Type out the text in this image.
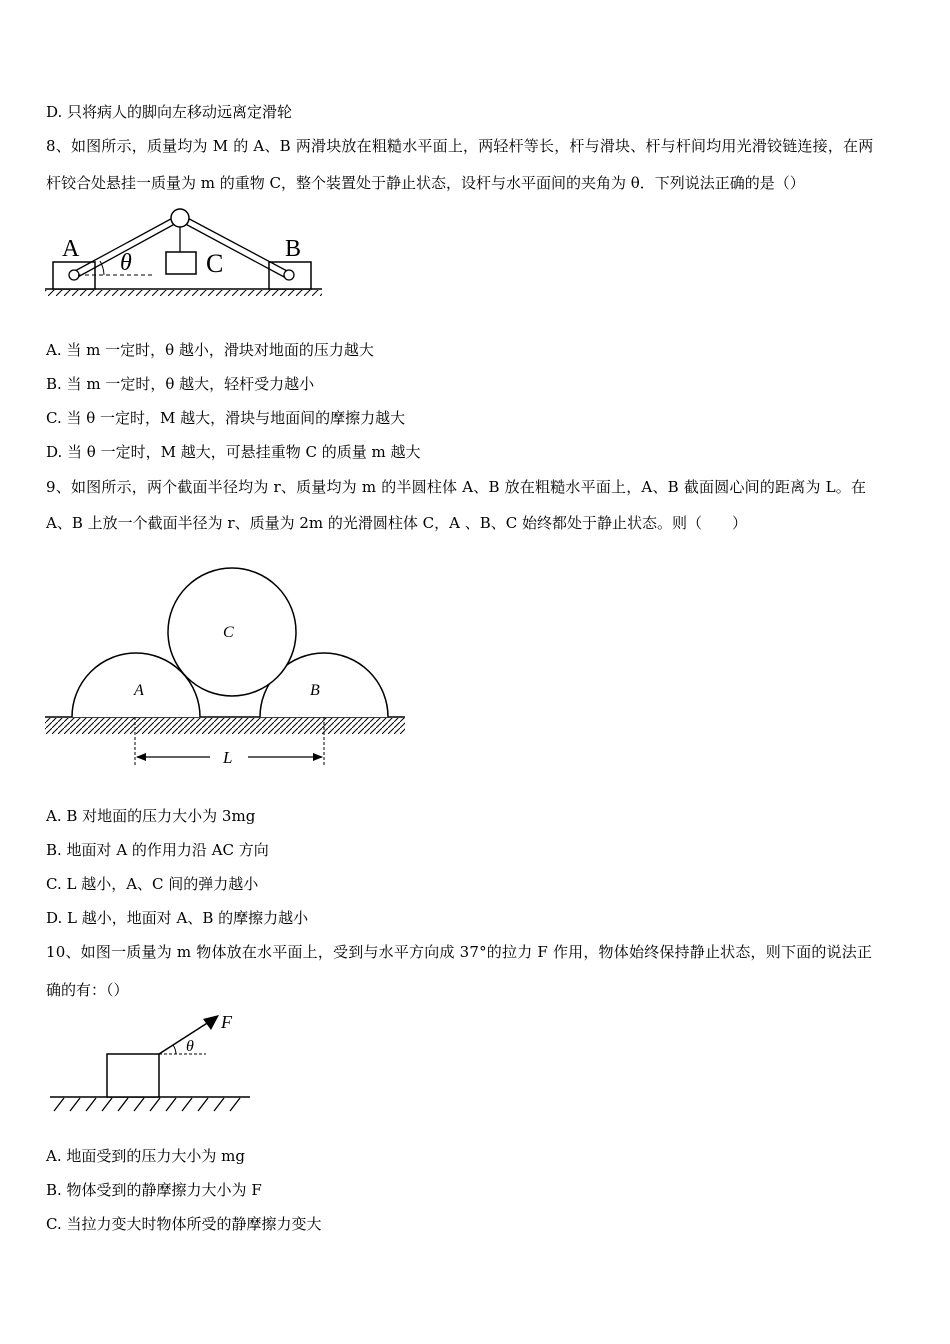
D. 只将病人的脚向左移动远离定滑轮
8、如图所示，质量均为 M 的 A、B 两滑块放在粗糙水平面上，两轻杆等长，杆与滑块、杆与杆间均用光滑铰链连接，在两
杆铰合处悬挂一质量为 m 的重物 C，整个装置处于静止状态，设杆与水平面间的夹角为 θ．下列说法正确的是（）
A	B
C
θ
A. 当 m 一定时，θ 越小，滑块对地面的压力越大
B. 当 m 一定时，θ 越大，轻杆受力越小
C. 当 θ 一定时，M 越大，滑块与地面间的摩擦力越大
D. 当 θ 一定时，M 越大，可悬挂重物 C 的质量 m 越大
9、如图所示，两个截面半径均为 r、质量均为 m 的半圆柱体 A、B 放在粗糙水平面上，A、B 截面圆心间的距离为 L。在
A、B 上放一个截面半径为 r、质量为 2m 的光滑圆柱体 C，A 、B、C 始终都处于静止状态。则（　　）
A	B
C
L
A. B 对地面的压力大小为 3mg
B. 地面对 A 的作用力沿 AC 方向
C. L 越小，A、C 间的弹力越小
D. L 越小，地面对 A、B 的摩擦力越小
10、如图一质量为 m 物体放在水平面上，受到与水平方向成 37°的拉力 F 作用，物体始终保持静止状态，则下面的说法正
确的有：（）
F
θ
A. 地面受到的压力大小为 mg
B. 物体受到的静摩擦力大小为 F
C. 当拉力变大时物体所受的静摩擦力变大
